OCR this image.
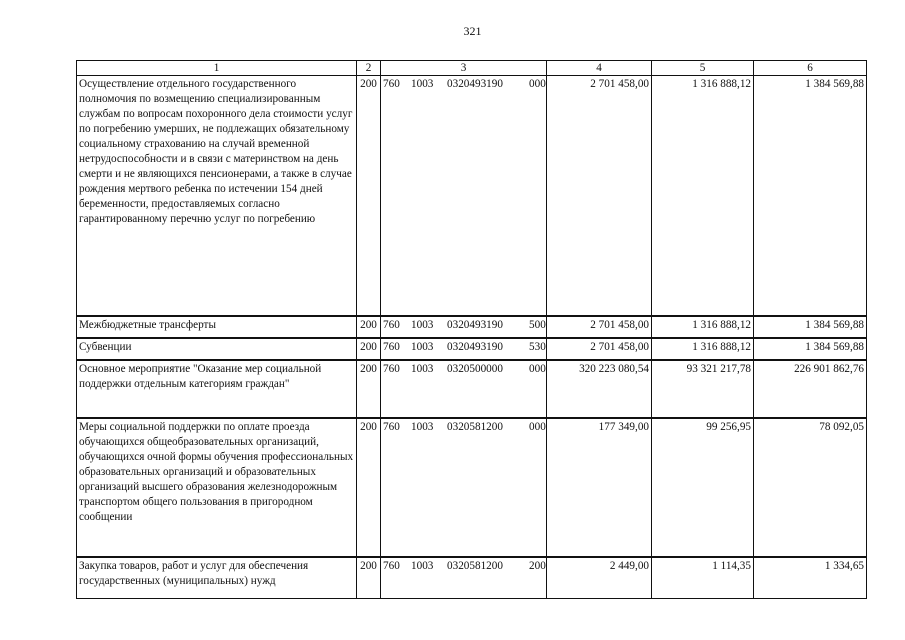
321
1	2	3	4	5	6
Осуществление отдельного государственного полномочия по возмещению специализированным службам по вопросам похоронного дела стоимости услуг по погребению умерших, не подлежащих обязательному социальному страхованию на случай временной нетрудоспособности и в связи с материнством на день смерти и не являющихся пенсионерами, а также в случае рождения мертвого ребенка по истечении 154 дней беременности, предоставляемых согласно гарантированному перечню услуг по погребению	200	760 1003 0320493190 000	2 701 458,00	1 316 888,12	1 384 569,88
Межбюджетные трансферты	200	760 1003 0320493190 500	2 701 458,00	1 316 888,12	1 384 569,88
Субвенции	200	760 1003 0320493190 530	2 701 458,00	1 316 888,12	1 384 569,88
Основное мероприятие "Оказание мер социальной поддержки отдельным категориям граждан"	200	760 1003 0320500000 000	320 223 080,54	93 321 217,78	226 901 862,76
Меры социальной поддержки по оплате проезда обучающихся общеобразовательных организаций, обучающихся очной формы обучения профессиональных образовательных организаций и образовательных организаций высшего образования железнодорожным транспортом общего пользования в пригородном сообщении	200	760 1003 0320581200 000	177 349,00	99 256,95	78 092,05
Закупка товаров, работ и услуг для обеспечения государственных (муниципальных) нужд	200	760 1003 0320581200 200	2 449,00	1 114,35	1 334,65
